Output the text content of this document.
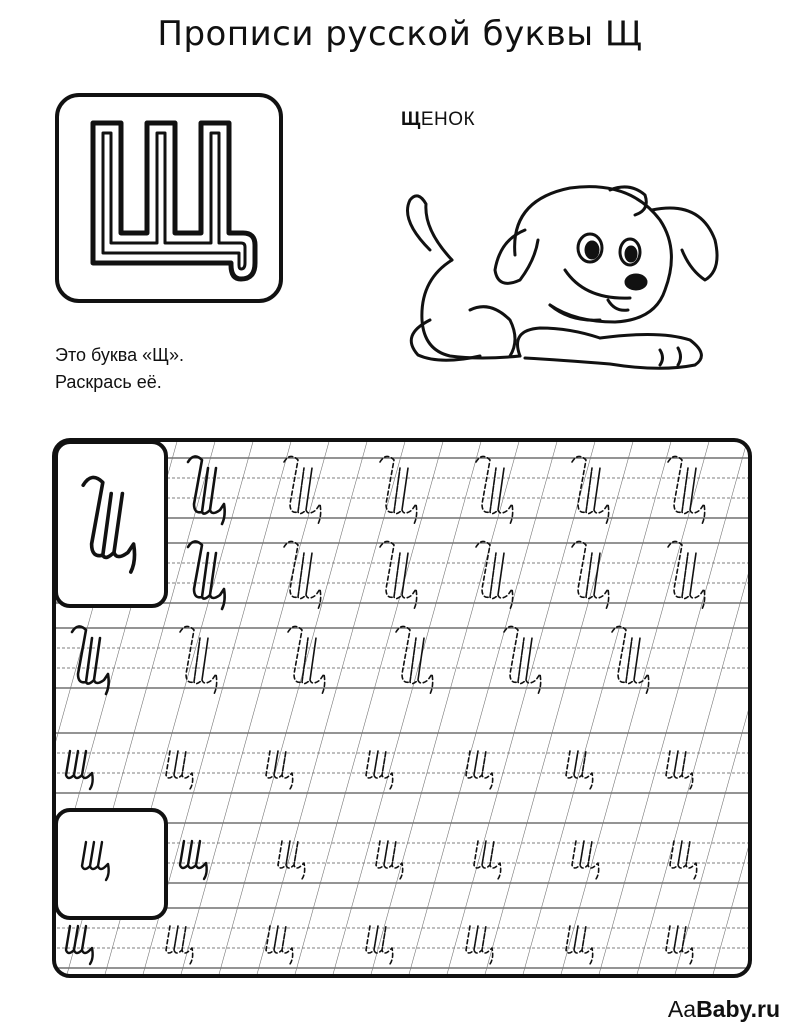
Прописи русской буквы Щ
ЩЕНОК
Это буква «Щ».
Раскрась её.
AaBaby.ru
